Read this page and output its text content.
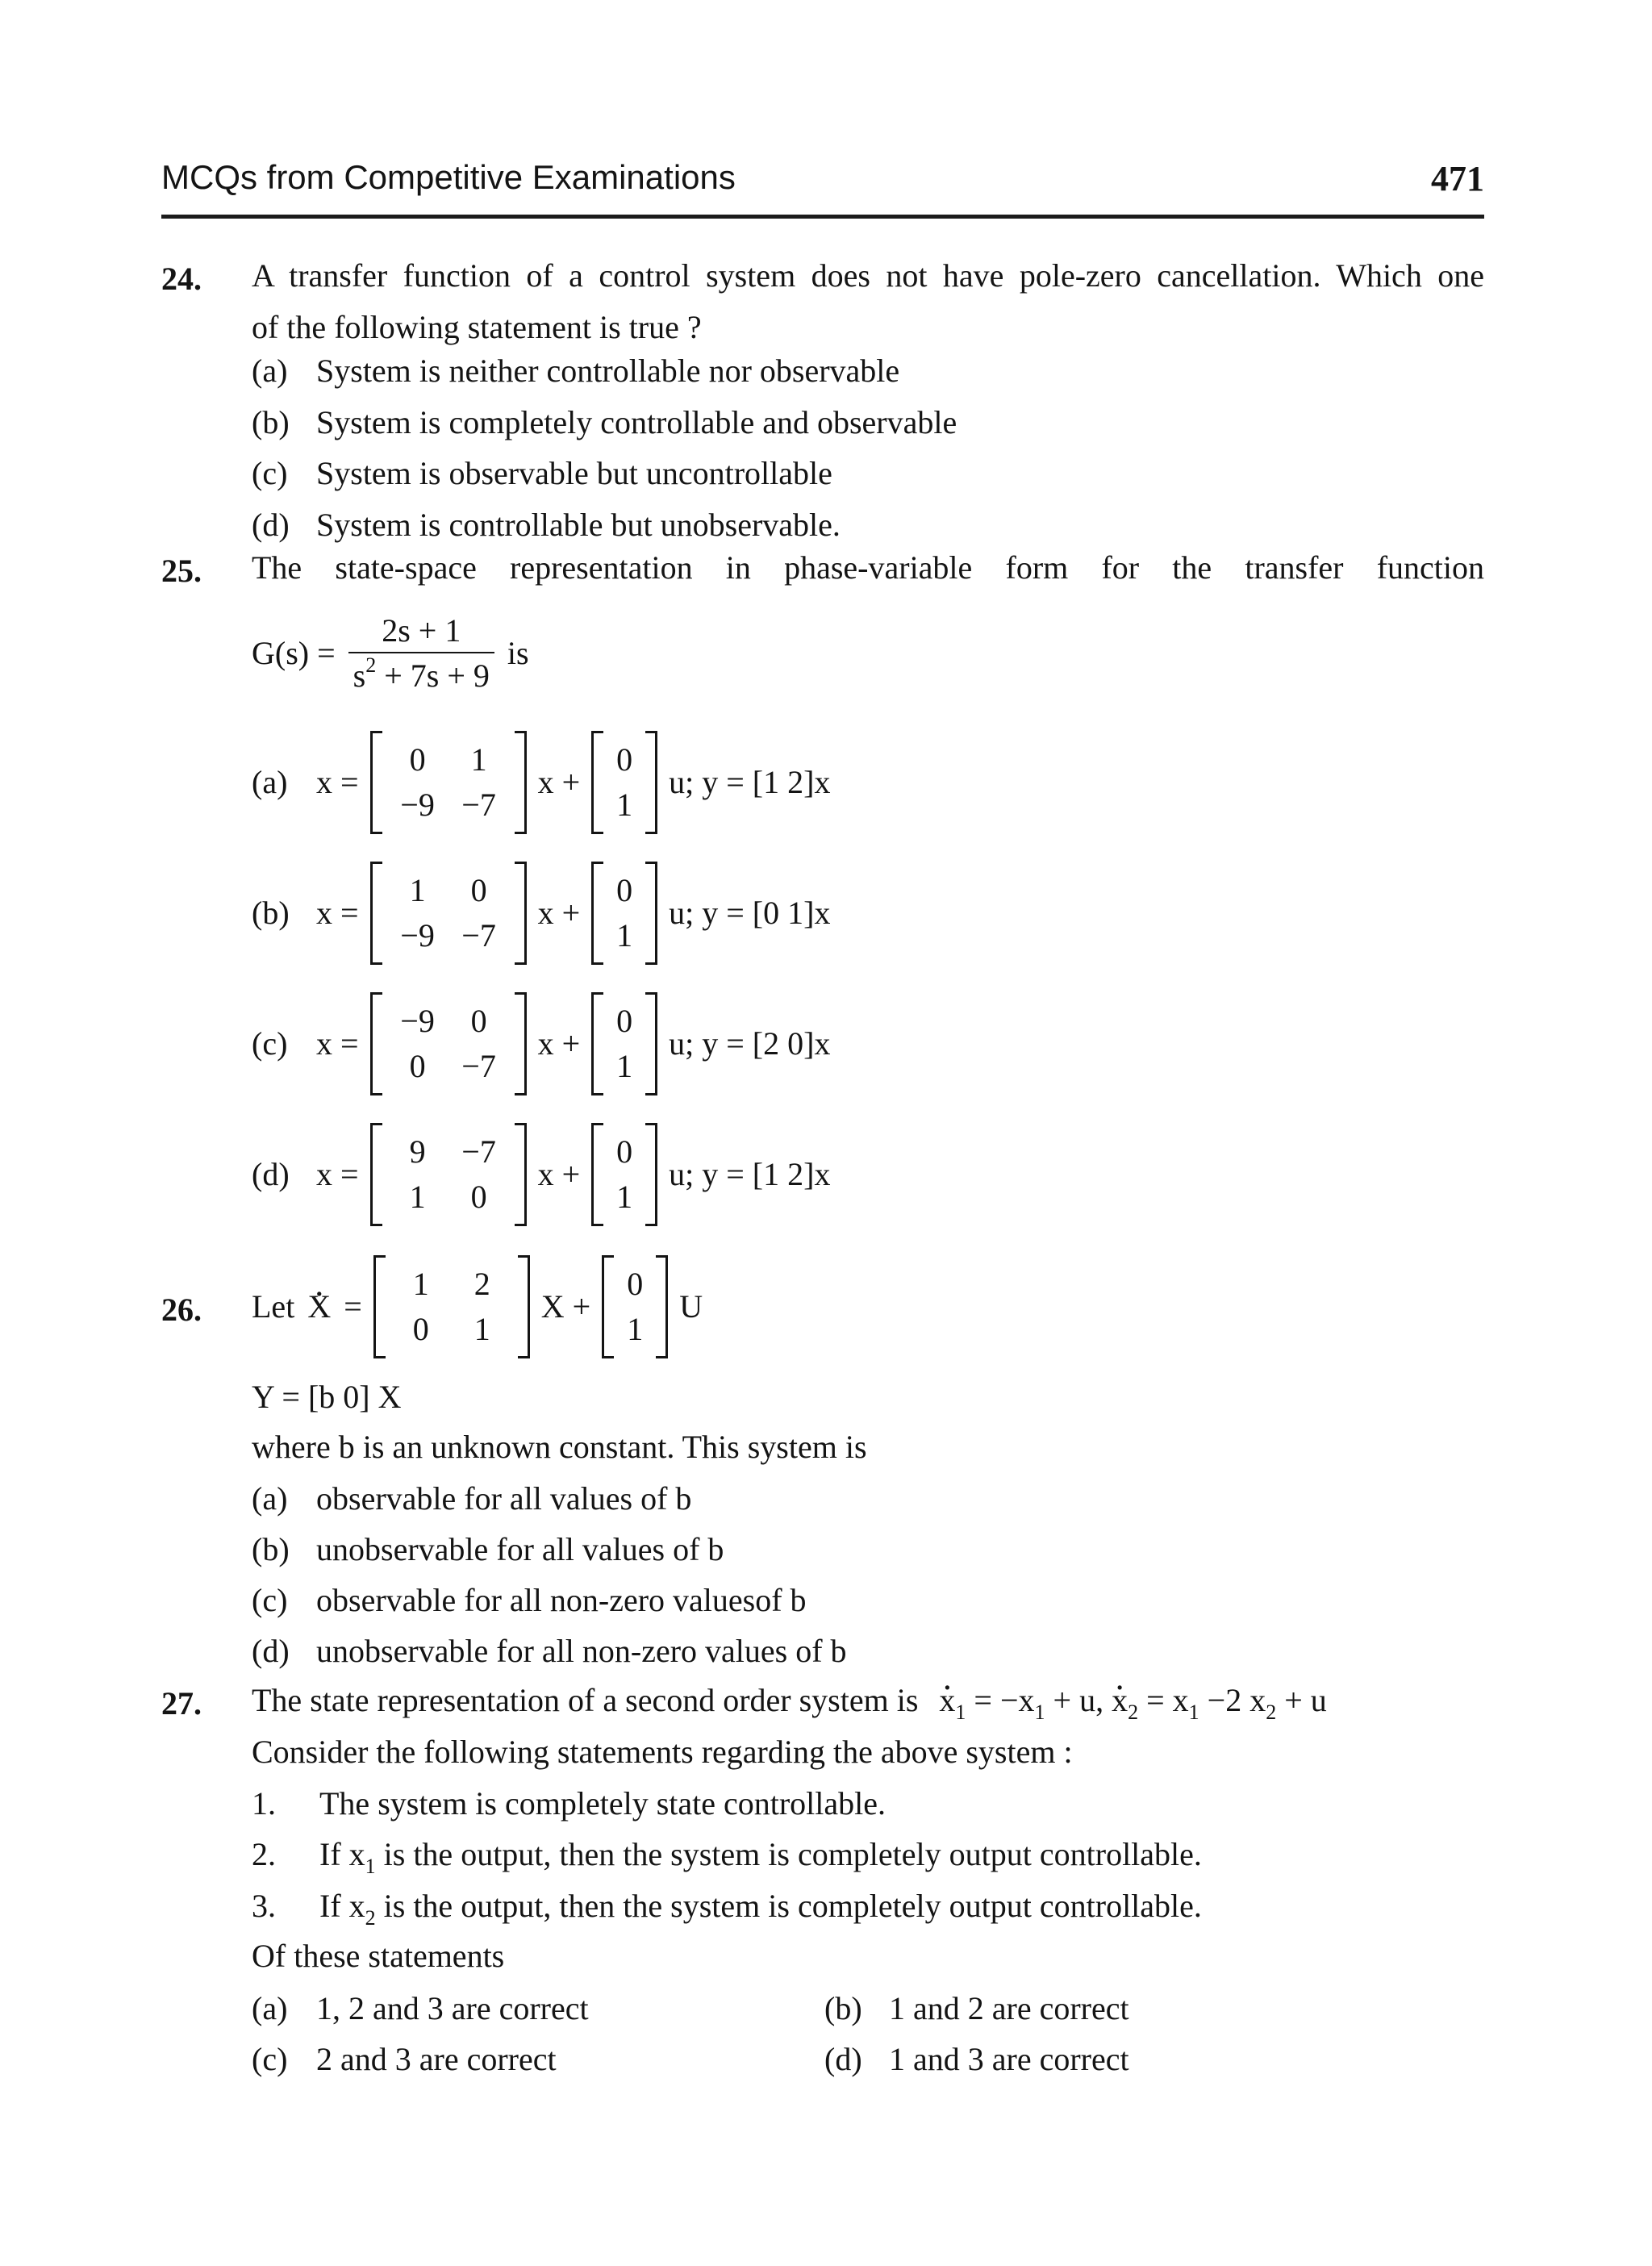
MCQs from Competitive Examinations	471
24. A transfer function of a control system does not have pole-zero cancellation. Which one
of the following statement is true ?
(a) System is neither controllable nor observable
(b) System is completely controllable and observable
(c) System is observable but uncontrollable
(d) System is controllable but unobservable.
25. The state-space representation in phase-variable form for the transfer function
$G(s) = \frac{2s + 1}{s^2 + 7s + 9}$ is
(a) x =
0 1
−9 −7
x +
0
1
u; y = [1 2]x
(b) x =
1 0
−9 −7
x +
0
1
u; y = [0 1]x
(c) x =
−9 0
0 −7
x +
0
1
u; y = [2 0]x
(d) x =
9 −7
1 0
x +
0
1
u; y = [1 2]x
26. Let . X =
1 2
0 1
X +
0
1
U
Y = [b 0] X
where b is an unknown constant. This system is
(a) observable for all values of b
(b) unobservable for all values of b
(c) observable for all non-zero valuesof b
(d) unobservable for all non-zero values of b
27. The state representation of a second order system is . $x_1 = -x_1 + u$, . $x_2 = x_1 -2$ $x_2 + u$
Consider the following statements regarding the above system :
1. The system is completely state controllable.
2. If $x_1$ is the output, then the system is completely output controllable.
3. If $x_2$ is the output, then the system is completely output controllable.
Of these statements
(a) 1, 2 and 3 are correct	(b) 1 and 2 are correct
(c) 2 and 3 are correct	(d) 1 and 3 are correct
